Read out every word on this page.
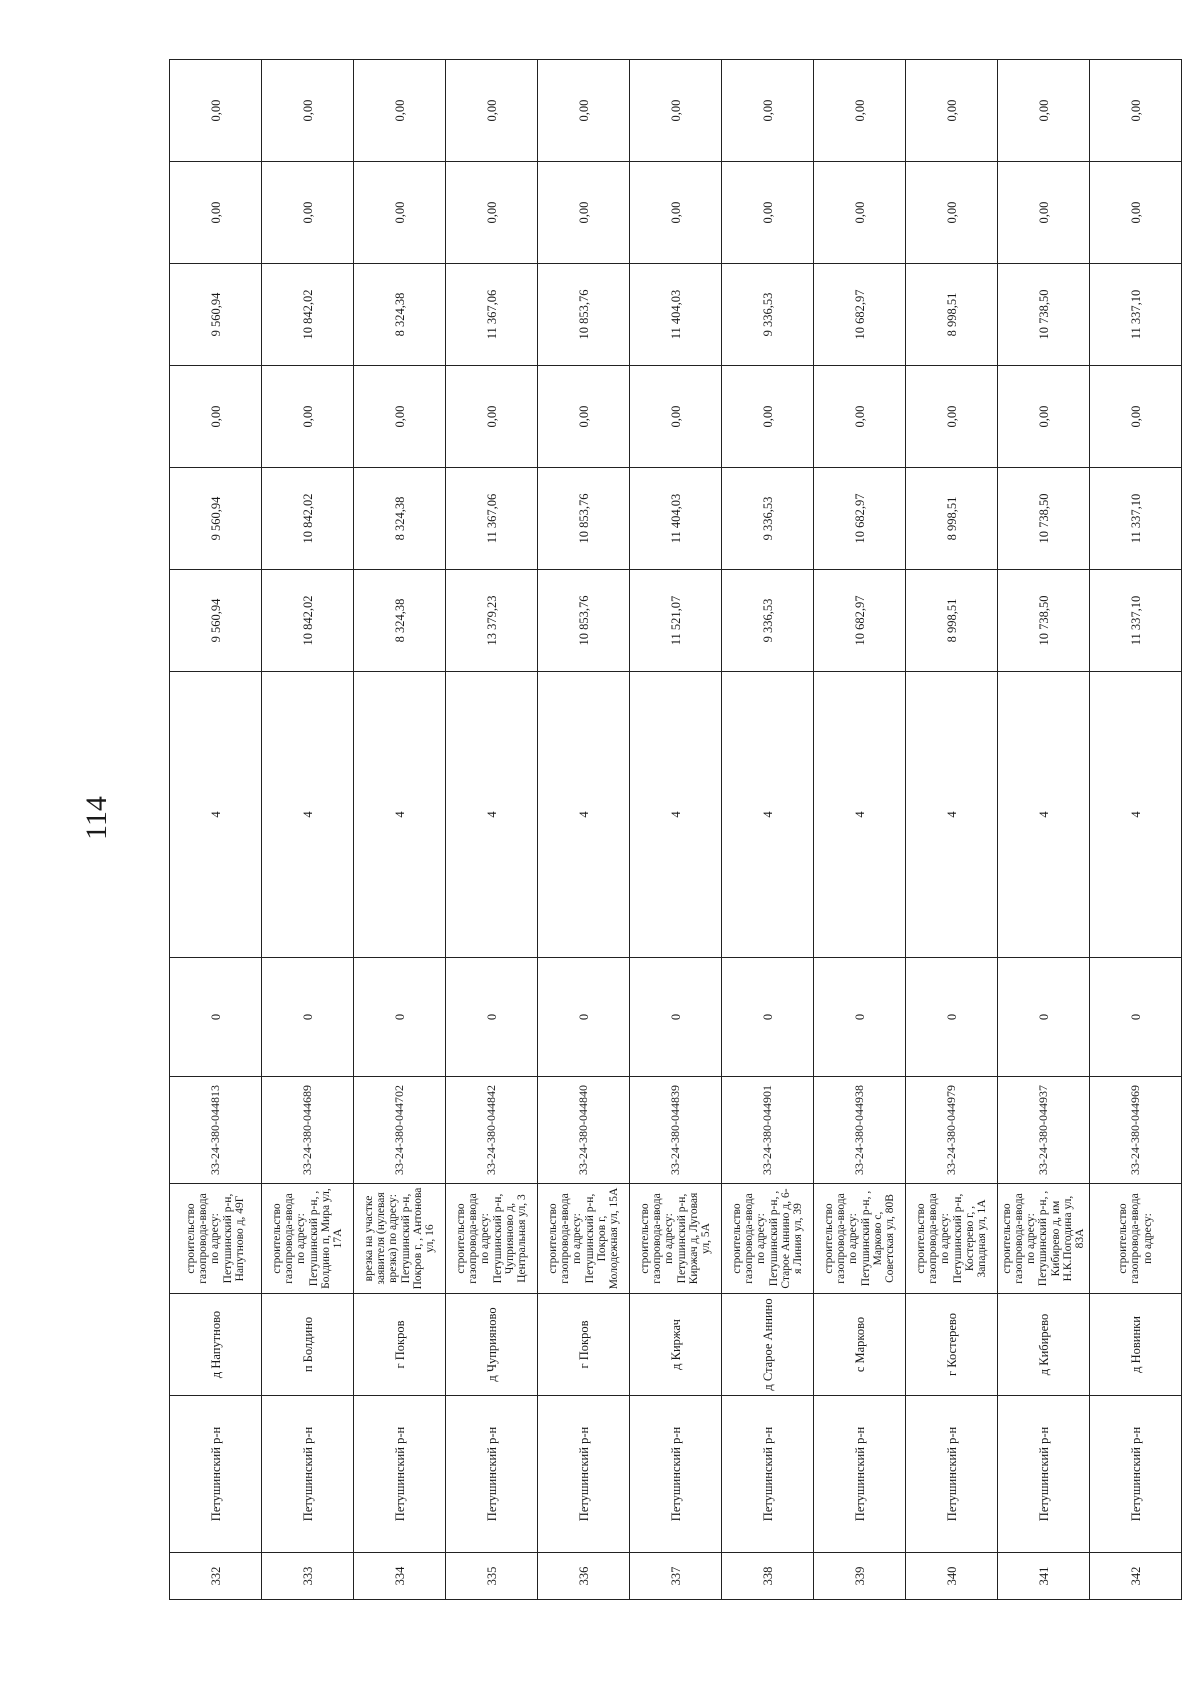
114
332	Петушинский р-н	д Напутново	строительство газопровода-ввода по адресу: Петушинский р-н, Напутново д, 49Г	33-24-380-044813	0	4	9 560,94	9 560,94	0,00	9 560,94	0,00	0,00
333	Петушинский р-н	п Болдино	строительство газопровода-ввода по адресу: Петушинский р-н, , Болдино п, Мира ул, 17А	33-24-380-044689	0	4	10 842,02	10 842,02	0,00	10 842,02	0,00	0,00
334	Петушинский р-н	г Покров	врезка на участке заявителя (нулевая врезка) по адресу: Петушинский р-н, Покров г, , Антонова ул, 16	33-24-380-044702	0	4	8 324,38	8 324,38	0,00	8 324,38	0,00	0,00
335	Петушинский р-н	д Чуприяново	строительство газопровода-ввода по адресу: Петушинский р-н, Чуприяново д, Центральная ул, 3	33-24-380-044842	0	4	13 379,23	11 367,06	0,00	11 367,06	0,00	0,00
336	Петушинский р-н	г Покров	строительство газопровода-ввода по адресу: Петушинский р-н, Покров г, Молодежная ул, 15А	33-24-380-044840	0	4	10 853,76	10 853,76	0,00	10 853,76	0,00	0,00
337	Петушинский р-н	д Киржач	строительство газопровода-ввода по адресу: Петушинский р-н, Киржач д, Луговая ул, 5А	33-24-380-044839	0	4	11 521,07	11 404,03	0,00	11 404,03	0,00	0,00
338	Петушинский р-н	д Старое Аннино	строительство газопровода-ввода по адресу: Петушинский р-н, , Старое Аннино д, 6-я Линия ул, 39	33-24-380-044901	0	4	9 336,53	9 336,53	0,00	9 336,53	0,00	0,00
339	Петушинский р-н	с Марково	строительство газопровода-ввода по адресу: Петушинский р-н, , Марково с, Советская ул, 80В	33-24-380-044938	0	4	10 682,97	10 682,97	0,00	10 682,97	0,00	0,00
340	Петушинский р-н	г Костерево	строительство газопровода-ввода по адресу: Петушинский р-н, Костерево г, , Западная ул, 1А	33-24-380-044979	0	4	8 998,51	8 998,51	0,00	8 998,51	0,00	0,00
341	Петушинский р-н	д Кибирево	строительство газопровода-ввода по адресу: Петушинский р-н, , Кибирево д, им Н.К.Погодина ул, 83А	33-24-380-044937	0	4	10 738,50	10 738,50	0,00	10 738,50	0,00	0,00
342	Петушинский р-н	д Новинки	строительство газопровода-ввода по адресу:	33-24-380-044969	0	4	11 337,10	11 337,10	0,00	11 337,10	0,00	0,00
